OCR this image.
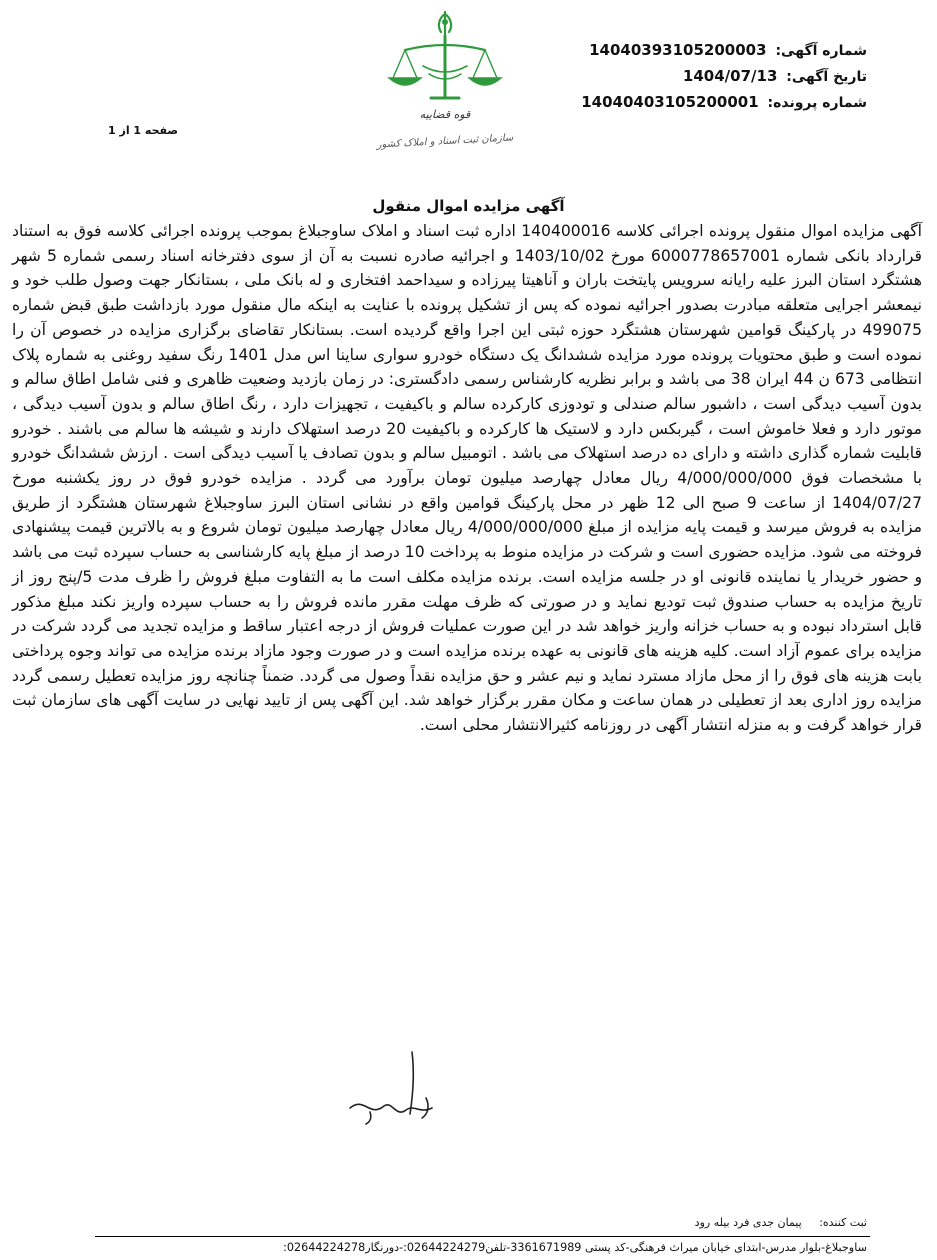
شماره آگهی: 14040393105200003
تاریخ آگهی: 1404/07/13
شماره پرونده: 14040403105200001
قوه قضاییه
سازمان ثبت اسناد و املاک کشور
صفحه 1 از 1
آگهی مزایده اموال منقول

آگهی مزایده اموال منقول پرونده اجرائی کلاسه 140400016 اداره ثبت اسناد و املاک ساوجبلاغ بموجب پرونده اجرائی کلاسه فوق به استناد قرارداد بانکی شماره 6000778657001 مورخ 1403/10/02 و اجرائیه صادره نسبت به آن از سوی دفترخانه اسناد رسمی شماره 5 شهر هشتگرد استان البرز علیه رایانه سرویس پایتخت باران و آناهیتا پیرزاده و سیداحمد افتخاری و له بانک ملی ، بستانکار جهت وصول طلب خود و نیمعشر اجرایی متعلقه مبادرت بصدور اجرائیه نموده که پس از تشکیل پرونده با عنایت به اینکه مال منقول مورد بازداشت طبق قبض شماره 499075 در پارکینگ قوامین شهرستان هشتگرد حوزه ثبتی این اجرا واقع گردیده است. بستانکار تقاضای برگزاری مزایده در خصوص آن را نموده است و طبق محتویات پرونده مورد مزایده ششدانگ یک دستگاه خودرو سواری ساینا اس مدل 1401 رنگ سفید روغنی به شماره پلاک انتظامی 673 ن 44 ایران 38 می باشد و برابر نظریه کارشناس رسمی دادگستری: در زمان بازدید وضعیت ظاهری و فنی شامل اطاق سالم و بدون آسیب دیدگی است ، داشبور سالم صندلی و تودوزی کارکرده سالم و باکیفیت ، تجهیزات دارد ، رنگ اطاق سالم و بدون آسیب دیدگی ، موتور دارد و فعلا خاموش است ، گیربکس دارد و لاستیک ها کارکرده و باکیفیت 20 درصد استهلاک دارند و شیشه ها سالم می باشند . خودرو قابلیت شماره گذاری داشته و دارای ده درصد استهلاک می باشد . اتومبیل سالم و بدون تصادف یا آسیب دیدگی است . ارزش ششدانگ خودرو با مشخصات فوق 4/000/000/000 ریال معادل چهارصد میلیون تومان برآورد می گردد . مزایده خودرو فوق در روز یکشنبه مورخ 1404/07/27 از ساعت 9 صبح الی 12 ظهر در محل پارکینگ قوامین واقع در نشانی استان البرز ساوجبلاغ شهرستان هشتگرد از طریق مزایده به فروش میرسد و قیمت پایه مزایده از مبلغ 4/000/000/000 ریال معادل چهارصد میلیون تومان شروع و به بالاترین قیمت پیشنهادی فروخته می شود. مزایده حضوری است و شرکت در مزایده منوط به پرداخت 10 درصد از مبلغ پایه کارشناسی به حساب سپرده ثبت می باشد و حضور خریدار یا نماینده قانونی او در جلسه مزایده است. برنده مزایده مکلف است ما به التفاوت مبلغ فروش را ظرف مدت 5/پنج روز از تاریخ مزایده به حساب صندوق ثبت تودیع نماید و در صورتی که ظرف مهلت مقرر مانده فروش را به حساب سپرده واریز نکند مبلغ مذکور قابل استرداد نبوده و به حساب خزانه واریز خواهد شد در این صورت عملیات فروش از درجه اعتبار ساقط و مزایده تجدید می گردد شرکت در مزایده برای عموم آزاد است. کلیه هزینه های قانونی به عهده برنده مزایده است و در صورت وجود مازاد برنده مزایده می تواند وجوه پرداختی بابت هزینه های فوق را از محل مازاد مسترد نماید و نیم عشر و حق مزایده نقداً وصول می گردد. ضمناً چنانچه روز مزایده تعطیل رسمی گردد مزایده روز اداری بعد از تعطیلی در همان ساعت و مکان مقرر برگزار خواهد شد. این آگهی پس از تایید نهایی در سایت آگهی های سازمان ثبت قرار خواهد گرفت و به منزله انتشار آگهی در روزنامه کثیرالانتشار محلی است.

ثبت کننده: پیمان جدی فرد بیله رود
ساوجبلاغ-بلوار مدرس-ابتدای خیابان میراث فرهنگی-کد پستی 3361671989-تلفن02644224279:-دورنگار02644224278:
